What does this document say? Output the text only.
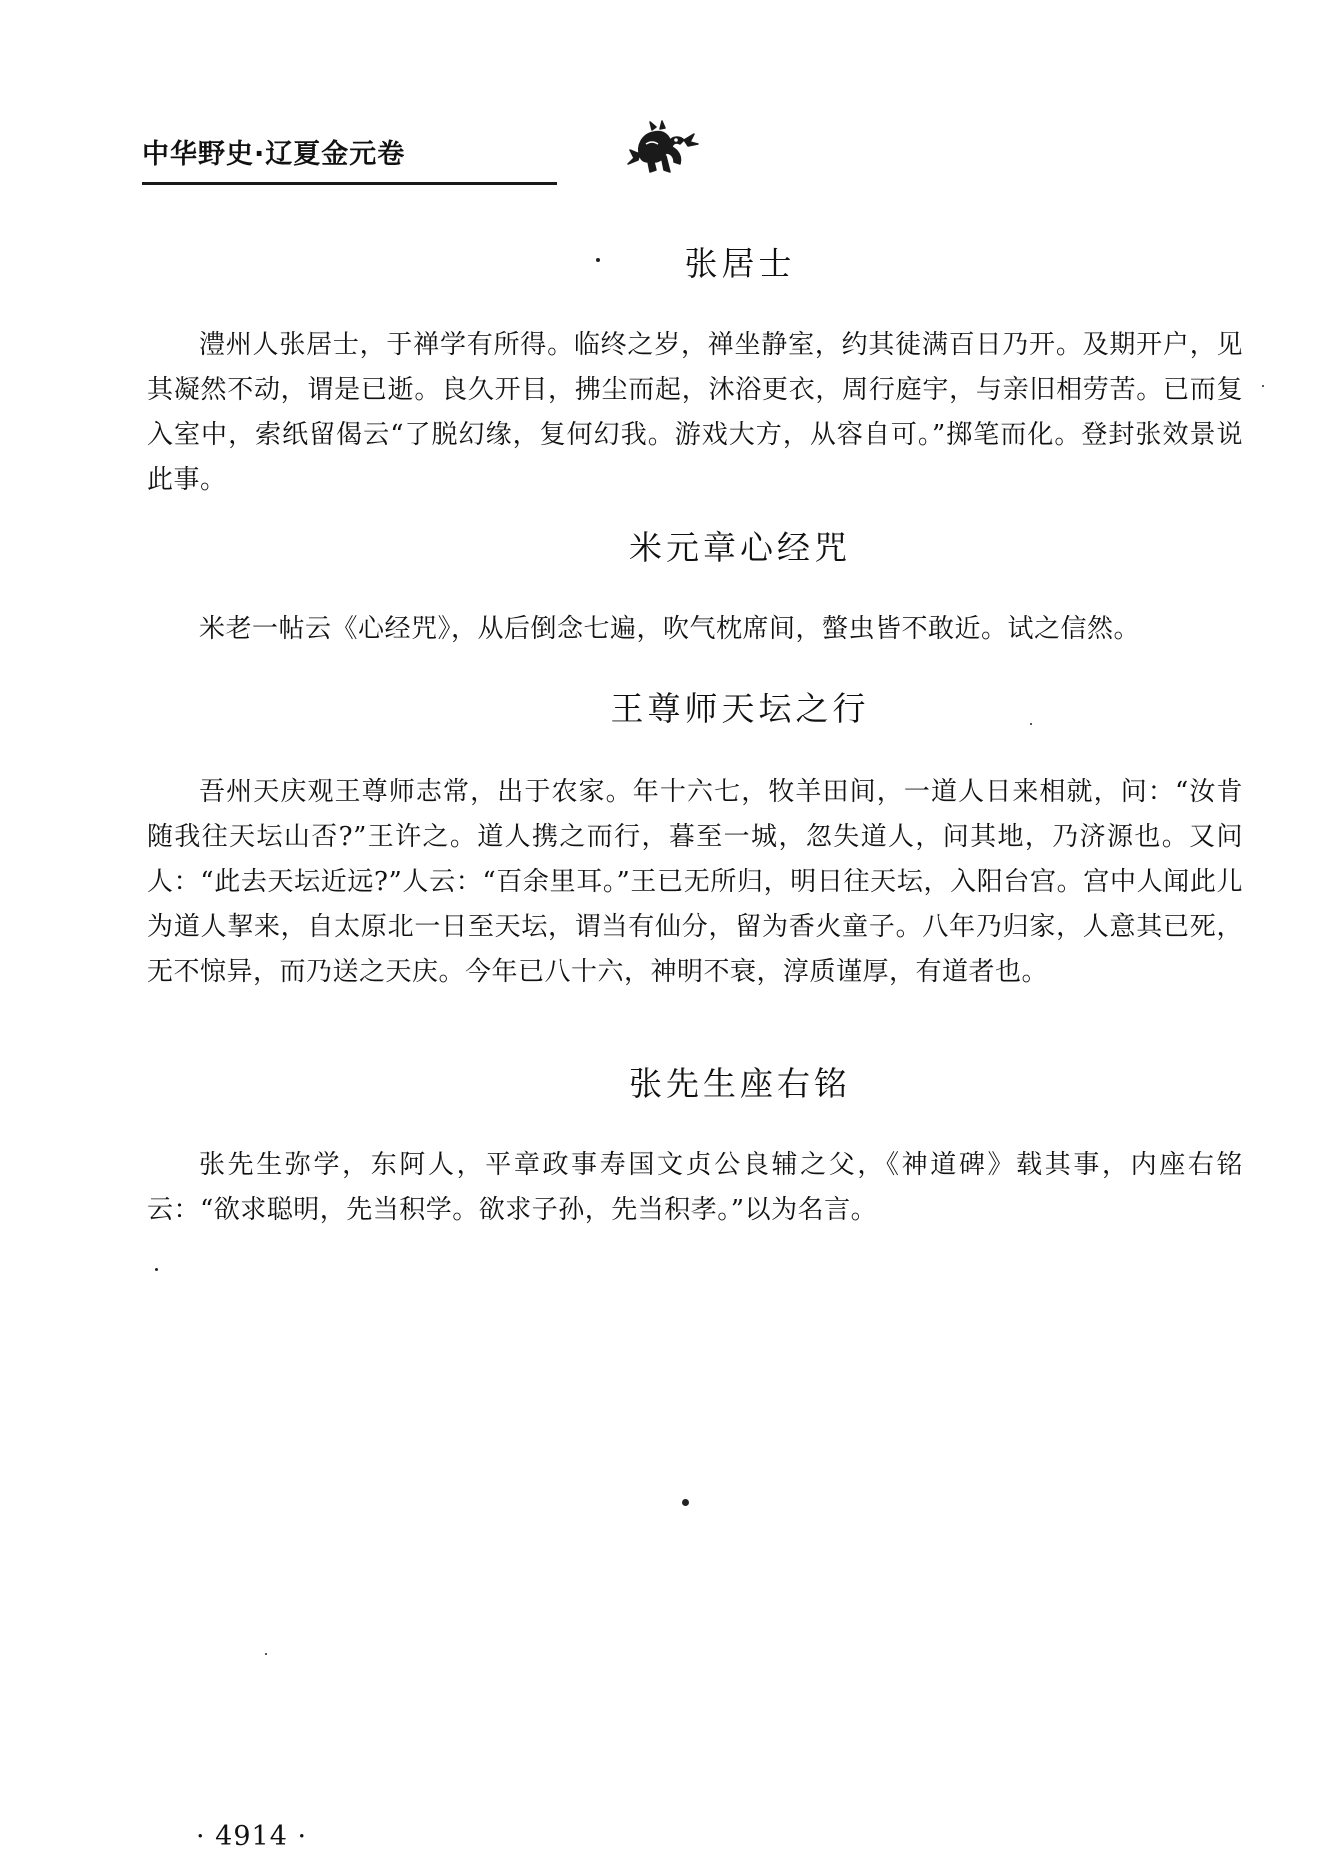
中华野史·辽夏金元卷
张居士

澧州人张居士，于禅学有所得。临终之岁，禅坐静室，约其徒满百日乃开。及期开户，见其凝然不动，谓是已逝。良久开目，拂尘而起，沐浴更衣，周行庭宇，与亲旧相劳苦。已而复入室中，索纸留偈云“了脱幻缘，复何幻我。游戏大方，从容自可。”掷笔而化。登封张效景说此事。

米元章心经咒

米老一帖云《心经咒》，从后倒念七遍，吹气枕席间，螫虫皆不敢近。试之信然。

王尊师天坛之行

吾州天庆观王尊师志常，出于农家。年十六七，牧羊田间，一道人日来相就，问：“汝肯随我往天坛山否?”王许之。道人携之而行，暮至一城，忽失道人，问其地，乃济源也。又问人：“此去天坛近远?”人云：“百余里耳。”王已无所归，明日往天坛，入阳台宫。宫中人闻此儿为道人挈来，自太原北一日至天坛，谓当有仙分，留为香火童子。八年乃归家，人意其已死，无不惊异，而乃送之天庆。今年已八十六，神明不衰，淳质谨厚，有道者也。

张先生座右铭

张先生弥学，东阿人，平章政事寿国文贞公良辅之父，《神道碑》载其事，内座右铭云：“欲求聪明，先当积学。欲求子孙，先当积孝。”以为名言。

· 4914 ·
